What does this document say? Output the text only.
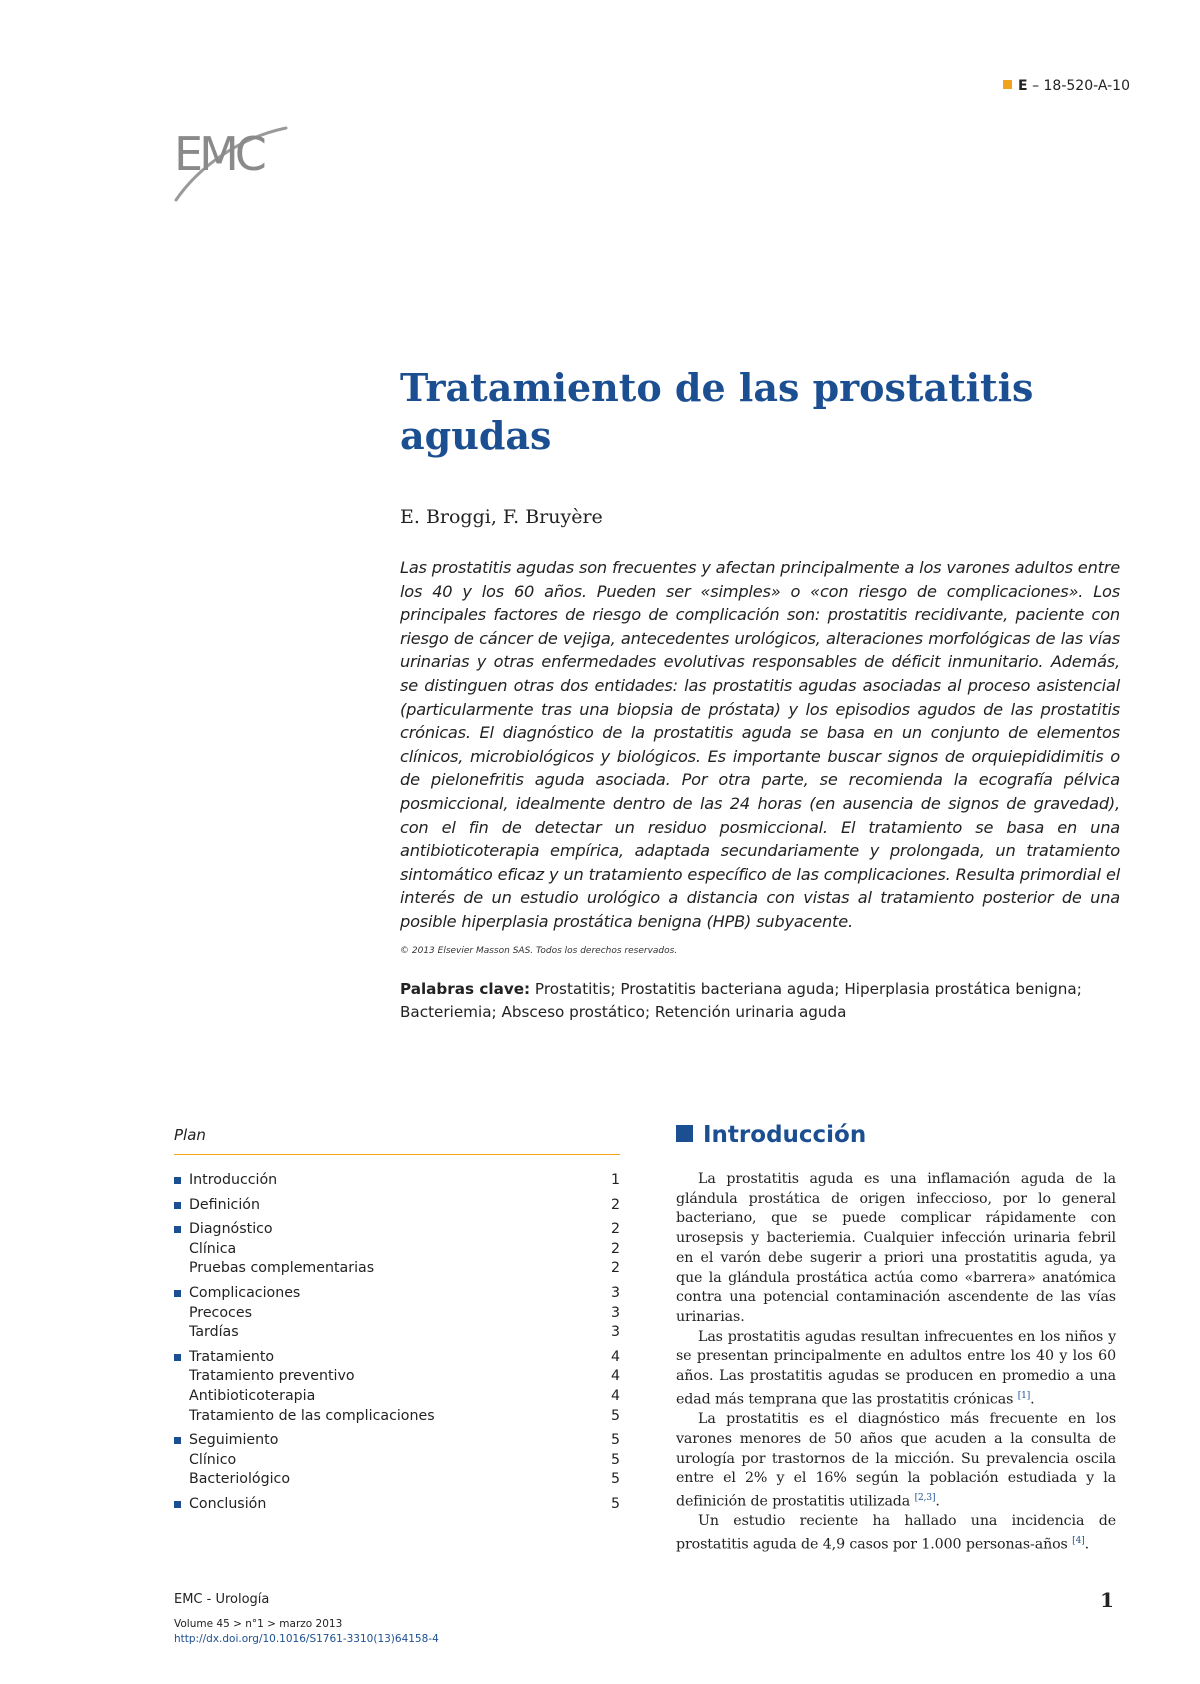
E – 18-520-A-10
EMC
Tratamiento de las prostatitis agudas
E. Broggi, F. Bruyère

Las prostatitis agudas son frecuentes y afectan principalmente a los varones adultos entre los 40 y los 60 años. Pueden ser «simples» o «con riesgo de complicaciones». Los principales factores de riesgo de complicación son: prostatitis recidivante, paciente con riesgo de cáncer de vejiga, antecedentes urológicos, alteraciones morfológicas de las vías urinarias y otras enfermedades evolutivas responsables de déficit inmunitario. Además, se distinguen otras dos entidades: las prostatitis agudas asociadas al proceso asistencial (particularmente tras una biopsia de próstata) y los episodios agudos de las prostatitis crónicas. El diagnóstico de la prostatitis aguda se basa en un conjunto de elementos clínicos, microbiológicos y biológicos. Es importante buscar signos de orquiepididimitis o de pielonefritis aguda asociada. Por otra parte, se recomienda la ecografía pélvica posmiccional, idealmente dentro de las 24 horas (en ausencia de signos de gravedad), con el fin de detectar un residuo posmiccional. El tratamiento se basa en una antibioticoterapia empírica, adaptada secundariamente y prolongada, un tratamiento sintomático eficaz y un tratamiento específico de las complicaciones. Resulta primordial el interés de un estudio urológico a distancia con vistas al tratamiento posterior de una posible hiperplasia prostática benigna (HPB) subyacente.

© 2013 Elsevier Masson SAS. Todos los derechos reservados.

Palabras clave: Prostatitis; Prostatitis bacteriana aguda; Hiperplasia prostática benigna; Bacteriemia; Absceso prostático; Retención urinaria aguda

Plan
Introducción	1
Definición	2
Diagnóstico	2
Clínica	2
Pruebas complementarias	2
Complicaciones	3
Precoces	3
Tardías	3
Tratamiento	4
Tratamiento preventivo	4
Antibioticoterapia	4
Tratamiento de las complicaciones	5
Seguimiento	5
Clínico	5
Bacteriológico	5
Conclusión	5
Introducción

La prostatitis aguda es una inflamación aguda de la glándula prostática de origen infeccioso, por lo general bacteriano, que se puede complicar rápidamente con urosepsis y bacteriemia. Cualquier infección urinaria febril en el varón debe sugerir a priori una prostatitis aguda, ya que la glándula prostática actúa como «barrera» anatómica contra una potencial contaminación ascendente de las vías urinarias.

Las prostatitis agudas resultan infrecuentes en los niños y se presentan principalmente en adultos entre los 40 y los 60 años. Las prostatitis agudas se producen en promedio a una edad más temprana que las prostatitis crónicas [1].

La prostatitis es el diagnóstico más frecuente en los varones menores de 50 años que acuden a la consulta de urología por trastornos de la micción. Su prevalencia oscila entre el 2% y el 16% según la población estudiada y la definición de prostatitis utilizada [2,3].

Un estudio reciente ha hallado una incidencia de prostatitis aguda de 4,9 casos por 1.000 personas-años [4].

EMC - Urología	1
Volume 45 > n°1 > marzo 2013
http://dx.doi.org/10.1016/S1761-3310(13)64158-4
